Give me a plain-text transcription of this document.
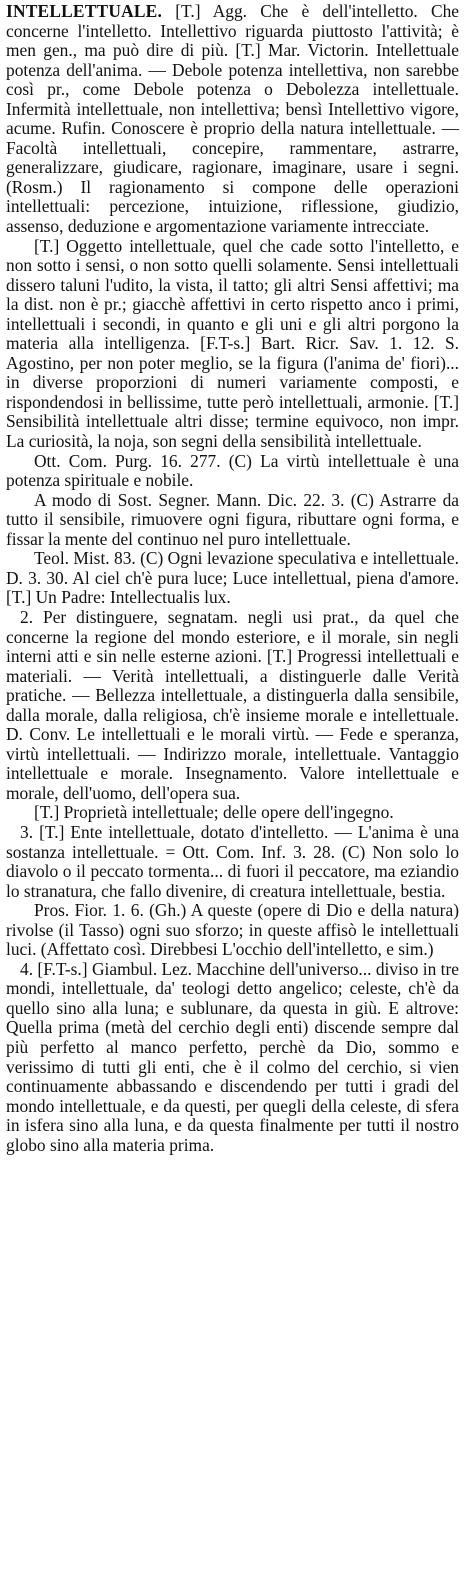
INTELLETTUALE. [T.] Agg. Che è dell'intelletto. Che concerne l'intelletto. Intellettivo riguarda piuttosto l'attività; è men gen., ma può dire di più. [T.] Mar. Victorin. Intellettuale potenza dell'anima. — Debole potenza intellettiva, non sarebbe così pr., come Debole potenza o Debolezza intellettuale. Infermità intellettuale, non intellettiva; bensì Intellettivo vigore, acume. Rufin. Conoscere è proprio della natura intellettuale. — Facoltà intellettuali, concepire, rammentare, astrarre, generalizzare, giudicare, ragionare, imaginare, usare i segni. (Rosm.) Il ragionamento si compone delle operazioni intellettuali: percezione, intuizione, riflessione, giudizio, assenso, deduzione e argomentazione variamente intrecciate.

[T.] Oggetto intellettuale, quel che cade sotto l'intelletto, e non sotto i sensi, o non sotto quelli solamente. Sensi intellettuali dissero taluni l'udito, la vista, il tatto; gli altri Sensi affettivi; ma la dist. non è pr.; giacchè affettivi in certo rispetto anco i primi, intellettuali i secondi, in quanto e gli uni e gli altri porgono la materia alla intelligenza. [F.T-s.] Bart. Ricr. Sav. 1. 12. S. Agostino, per non poter meglio, se la figura (l'anima de' fiori)... in diverse proporzioni di numeri variamente composti, e rispondendosi in bellissime, tutte però intellettuali, armonie. [T.] Sensibilità intellettuale altri disse; termine equivoco, non impr. La curiosità, la noja, son segni della sensibilità intellettuale.

Ott. Com. Purg. 16. 277. (C) La virtù intellettuale è una potenza spirituale e nobile.

A modo di Sost. Segner. Mann. Dic. 22. 3. (C) Astrarre da tutto il sensibile, rimuovere ogni figura, ributtare ogni forma, e fissar la mente del continuo nel puro intellettuale.

Teol. Mist. 83. (C) Ogni levazione speculativa e intellettuale. D. 3. 30. Al ciel ch'è pura luce; Luce intellettual, piena d'amore. [T.] Un Padre: Intellectualis lux.

2. Per distinguere, segnatam. negli usi prat., da quel che concerne la regione del mondo esteriore, e il morale, sin negli interni atti e sin nelle esterne azioni. [T.] Progressi intellettuali e materiali. — Verità intellettuali, a distinguerle dalle Verità pratiche. — Bellezza intellettuale, a distinguerla dalla sensibile, dalla morale, dalla religiosa, ch'è insieme morale e intellettuale. D. Conv. Le intellettuali e le morali virtù. — Fede e speranza, virtù intellettuali. — Indirizzo morale, intellettuale. Vantaggio intellettuale e morale. Insegnamento. Valore intellettuale e morale, dell'uomo, dell'opera sua.

[T.] Proprietà intellettuale; delle opere dell'ingegno.

3. [T.] Ente intellettuale, dotato d'intelletto. — L'anima è una sostanza intellettuale. = Ott. Com. Inf. 3. 28. (C) Non solo lo diavolo o il peccato tormenta... di fuori il peccatore, ma eziandio lo stranatura, che fallo divenire, di creatura intellettuale, bestia.

Pros. Fior. 1. 6. (Gh.) A queste (opere di Dio e della natura) rivolse (il Tasso) ogni suo sforzo; in queste affisò le intellettuali luci. (Affettato così. Direbbesi L'occhio dell'intelletto, e sim.)

4. [F.T-s.] Giambul. Lez. Macchine dell'universo... diviso in tre mondi, intellettuale, da' teologi detto angelico; celeste, ch'è da quello sino alla luna; e sublunare, da questa in giù. E altrove: Quella prima (metà del cerchio degli enti) discende sempre dal più perfetto al manco perfetto, perchè da Dio, sommo e verissimo di tutti gli enti, che è il colmo del cerchio, si vien continuamente abbassando e discendendo per tutti i gradi del mondo intellettuale, e da questi, per quegli della celeste, di sfera in isfera sino alla luna, e da questa finalmente per tutti il nostro globo sino alla materia prima.
